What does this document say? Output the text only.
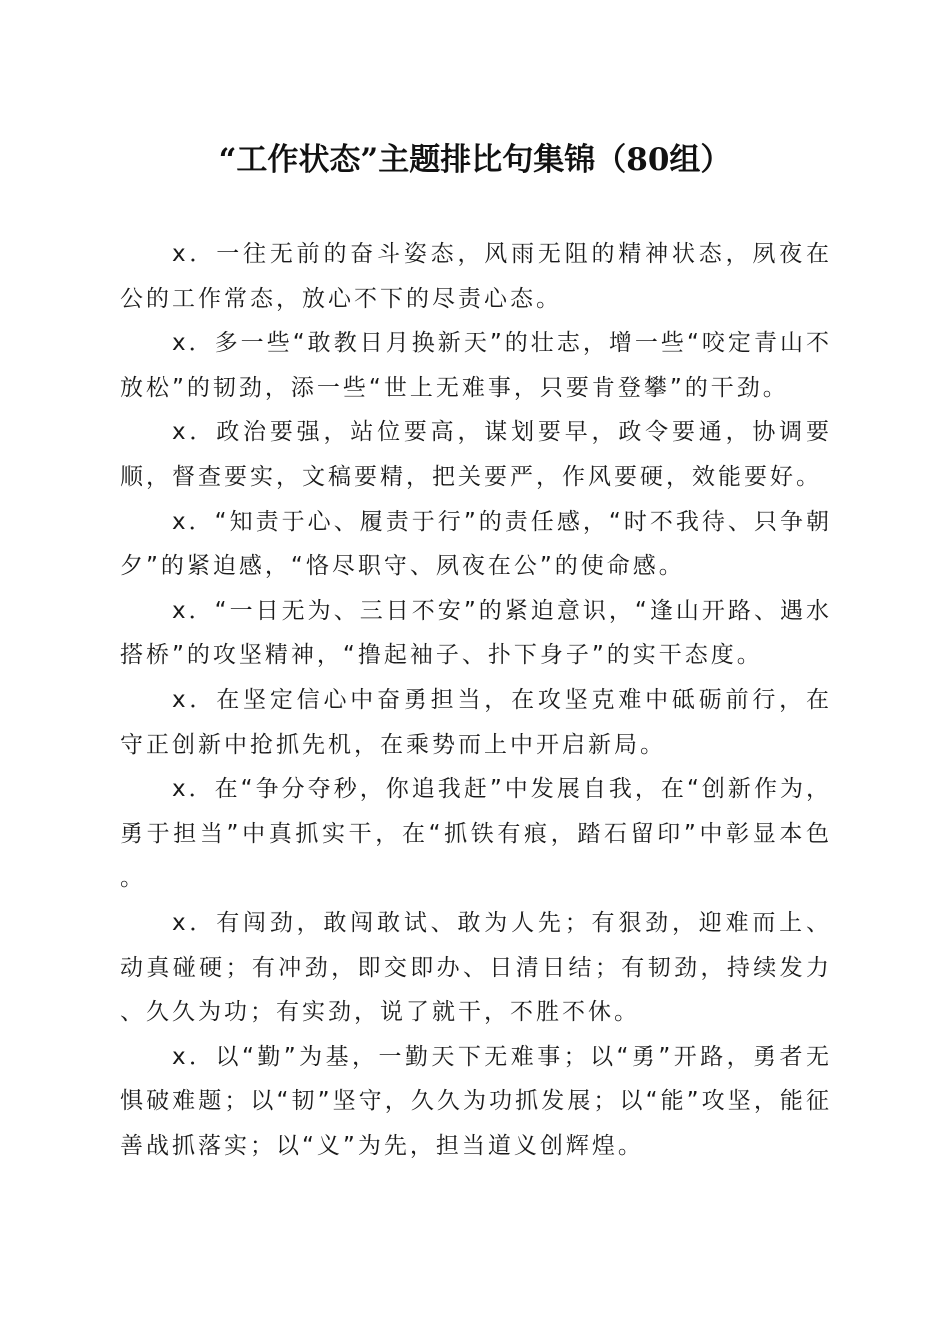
“工作状态”主题排比句集锦（80组）

x．一往无前的奋斗姿态，风雨无阻的精神状态，夙夜在公的工作常态，放心不下的尽责心态。

x．多一些“敢教日月换新天”的壮志，增一些“咬定青山不放松”的韧劲，添一些“世上无难事，只要肯登攀”的干劲。

x．政治要强，站位要高，谋划要早，政令要通，协调要顺，督查要实，文稿要精，把关要严，作风要硬，效能要好。

x．“知责于心、履责于行”的责任感，“时不我待、只争朝夕”的紧迫感，“恪尽职守、夙夜在公”的使命感。

x．“一日无为、三日不安”的紧迫意识，“逢山开路、遇水搭桥”的攻坚精神，“撸起袖子、扑下身子”的实干态度。

x．在坚定信心中奋勇担当，在攻坚克难中砥砺前行，在守正创新中抢抓先机，在乘势而上中开启新局。

x．在“争分夺秒，你追我赶”中发展自我，在“创新作为，勇于担当”中真抓实干，在“抓铁有痕，踏石留印”中彰显本色。

x．有闯劲，敢闯敢试、敢为人先；有狠劲，迎难而上、动真碰硬；有冲劲，即交即办、日清日结；有韧劲，持续发力、久久为功；有实劲，说了就干，不胜不休。

x．以“勤”为基，一勤天下无难事；以“勇”开路，勇者无惧破难题；以“韧”坚守，久久为功抓发展；以“能”攻坚，能征善战抓落实；以“义”为先，担当道义创辉煌。
